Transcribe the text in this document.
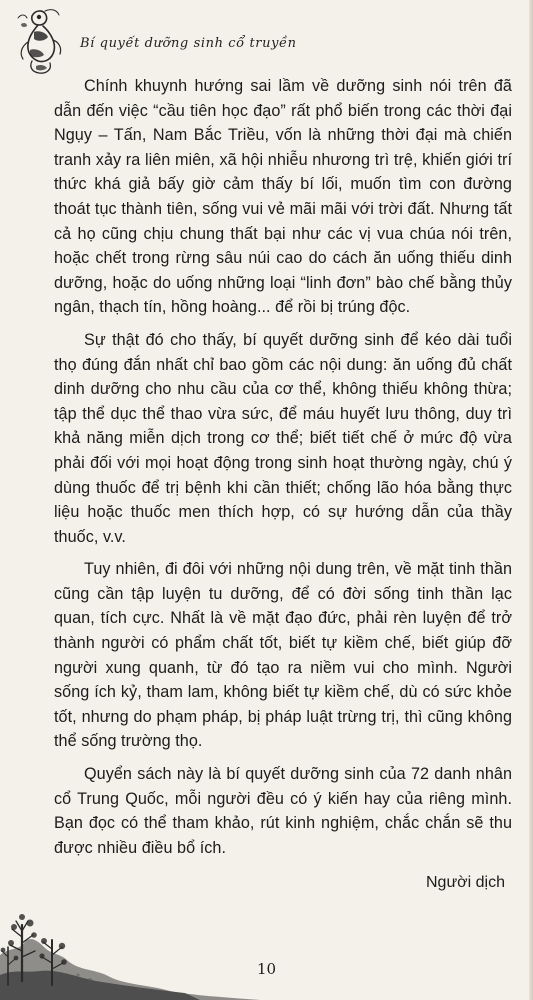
Bí quyết dưỡng sinh cổ truyền

Chính khuynh hướng sai lầm về dưỡng sinh nói trên đã dẫn đến việc “cầu tiên học đạo” rất phổ biến trong các thời đại Ngụy – Tấn, Nam Bắc Triều, vốn là những thời đại mà chiến tranh xảy ra liên miên, xã hội nhiễu nhương trì trệ, khiến giới trí thức khá giả bấy giờ cảm thấy bí lối, muốn tìm con đường thoát tục thành tiên, sống vui vẻ mãi mãi với trời đất. Nhưng tất cả họ cũng chịu chung thất bại như các vị vua chúa nói trên, hoặc chết trong rừng sâu núi cao do cách ăn uống thiếu dinh dưỡng, hoặc do uống những loại “linh đơn” bào chế bằng thủy ngân, thạch tín, hồng hoàng... để rồi bị trúng độc.

Sự thật đó cho thấy, bí quyết dưỡng sinh để kéo dài tuổi thọ đúng đắn nhất chỉ bao gồm các nội dung: ăn uống đủ chất dinh dưỡng cho nhu cầu của cơ thể, không thiếu không thừa; tập thể dục thể thao vừa sức, để máu huyết lưu thông, duy trì khả năng miễn dịch trong cơ thể; biết tiết chế ở mức độ vừa phải đối với mọi hoạt động trong sinh hoạt thường ngày, chú ý dùng thuốc để trị bệnh khi cần thiết; chống lão hóa bằng thực liệu hoặc thuốc men thích hợp, có sự hướng dẫn của thầy thuốc, v.v.

Tuy nhiên, đi đôi với những nội dung trên, về mặt tinh thần cũng cần tập luyện tu dưỡng, để có đời sống tinh thần lạc quan, tích cực. Nhất là về mặt đạo đức, phải rèn luyện để trở thành người có phẩm chất tốt, biết tự kiềm chế, biết giúp đỡ người xung quanh, từ đó tạo ra niềm vui cho mình. Người sống ích kỷ, tham lam, không biết tự kiềm chế, dù có sức khỏe tốt, nhưng do phạm pháp, bị pháp luật trừng trị, thì cũng không thể sống trường thọ.

Quyển sách này là bí quyết dưỡng sinh của 72 danh nhân cổ Trung Quốc, mỗi người đều có ý kiến hay của riêng mình. Bạn đọc có thể tham khảo, rút kinh nghiệm, chắc chắn sẽ thu được nhiều điều bổ ích.

Người dịch

10
